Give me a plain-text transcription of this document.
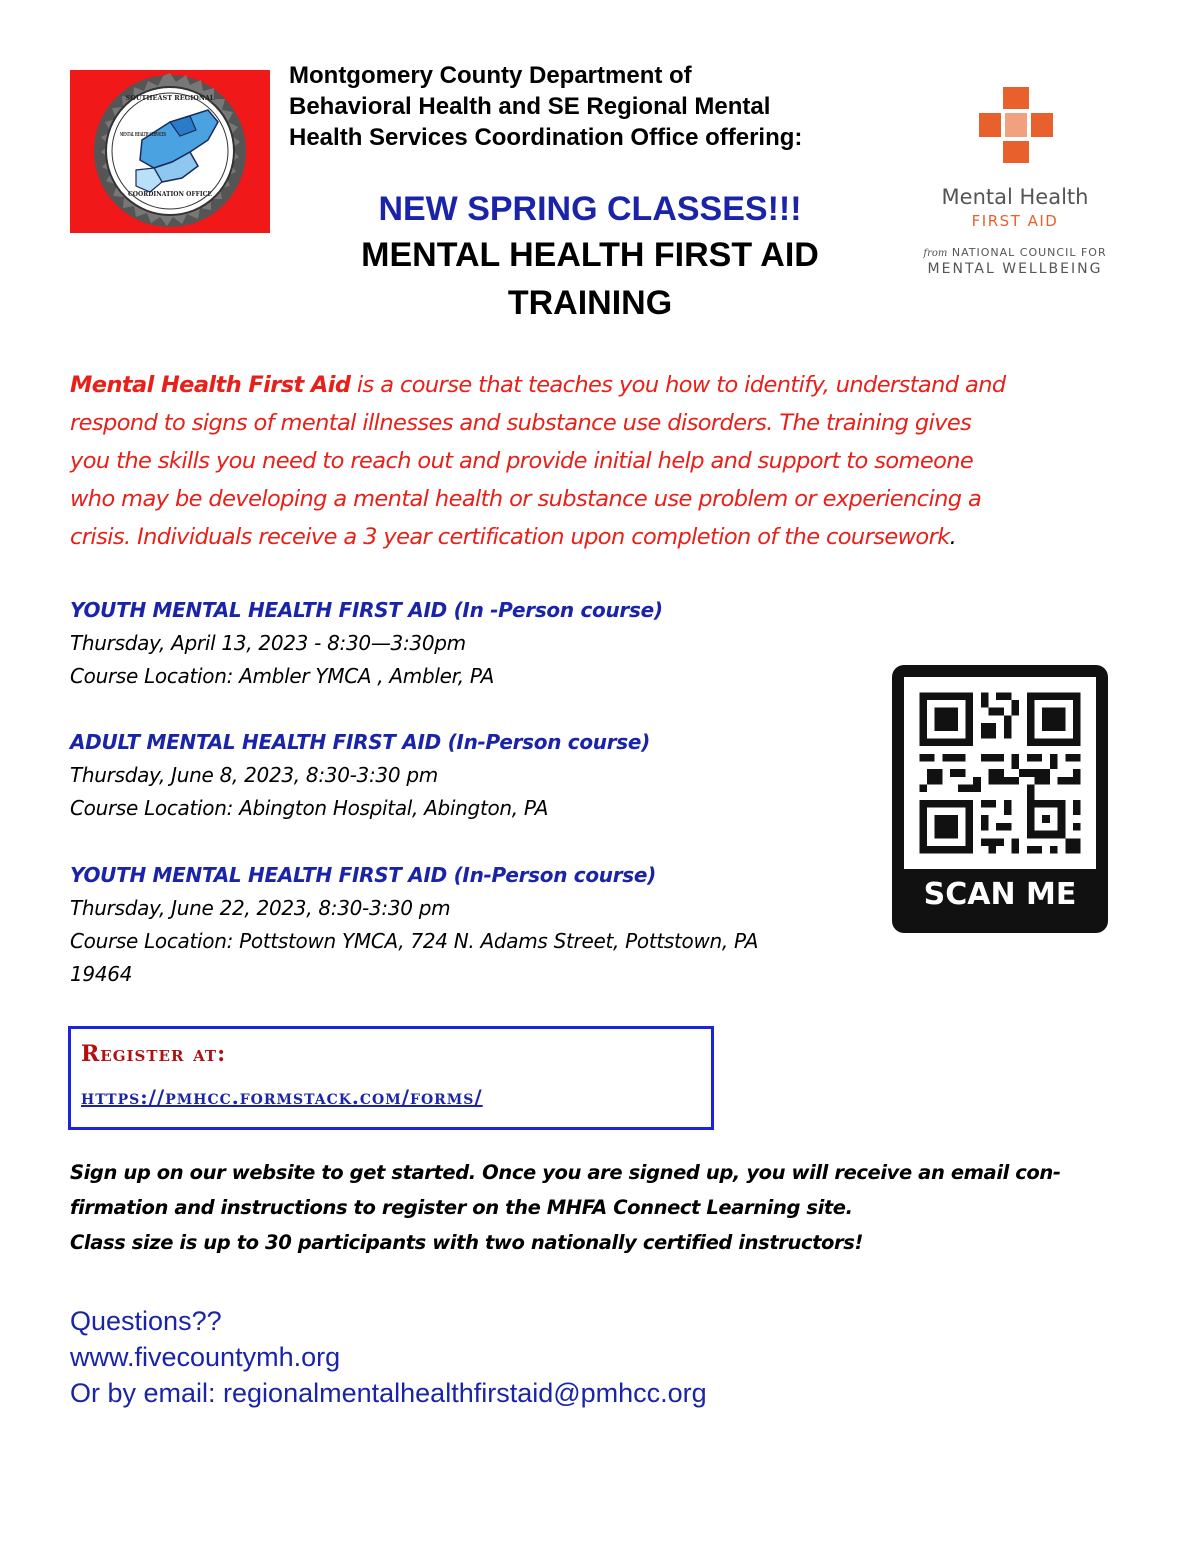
SOUTHEAST REGIONAL
MENTAL HEALTH SERVICES
COORDINATION OFFICE
Montgomery County Department of
Behavioral Health and SE Regional Mental
Health Services Coordination Office offering:
NEW SPRING CLASSES!!!
MENTAL HEALTH FIRST AID
TRAINING
Mental Health
FIRST AID
from NATIONAL COUNCIL FOR
MENTAL WELLBEING
Mental Health First Aid is a course that teaches you how to identify, understand and
respond to signs of mental illnesses and substance use disorders. The training gives
you the skills you need to reach out and provide initial help and support to someone
who may be developing a mental health or substance use problem or experiencing a
crisis. Individuals receive a 3 year certification upon completion of the coursework.
YOUTH MENTAL HEALTH FIRST AID (In -Person course)
Thursday, April 13, 2023 - 8:30—3:30pm
Course Location: Ambler YMCA , Ambler, PA
ADULT MENTAL HEALTH FIRST AID (In-Person course)
Thursday, June 8, 2023, 8:30-3:30 pm
Course Location: Abington Hospital, Abington, PA
YOUTH MENTAL HEALTH FIRST AID (In-Person course)
Thursday, June 22, 2023, 8:30-3:30 pm
Course Location: Pottstown YMCA, 724 N. Adams Street, Pottstown, PA
19464
SCAN ME
Register at:
https://pmhcc.formstack.com/forms/
Sign up on our website to get started. Once you are signed up, you will receive an email con-
firmation and instructions to register on the MHFA Connect Learning site.
Class size is up to 30 participants with two nationally certified instructors!
Questions??
www.fivecountymh.org
Or by email: regionalmentalhealthfirstaid@pmhcc.org
